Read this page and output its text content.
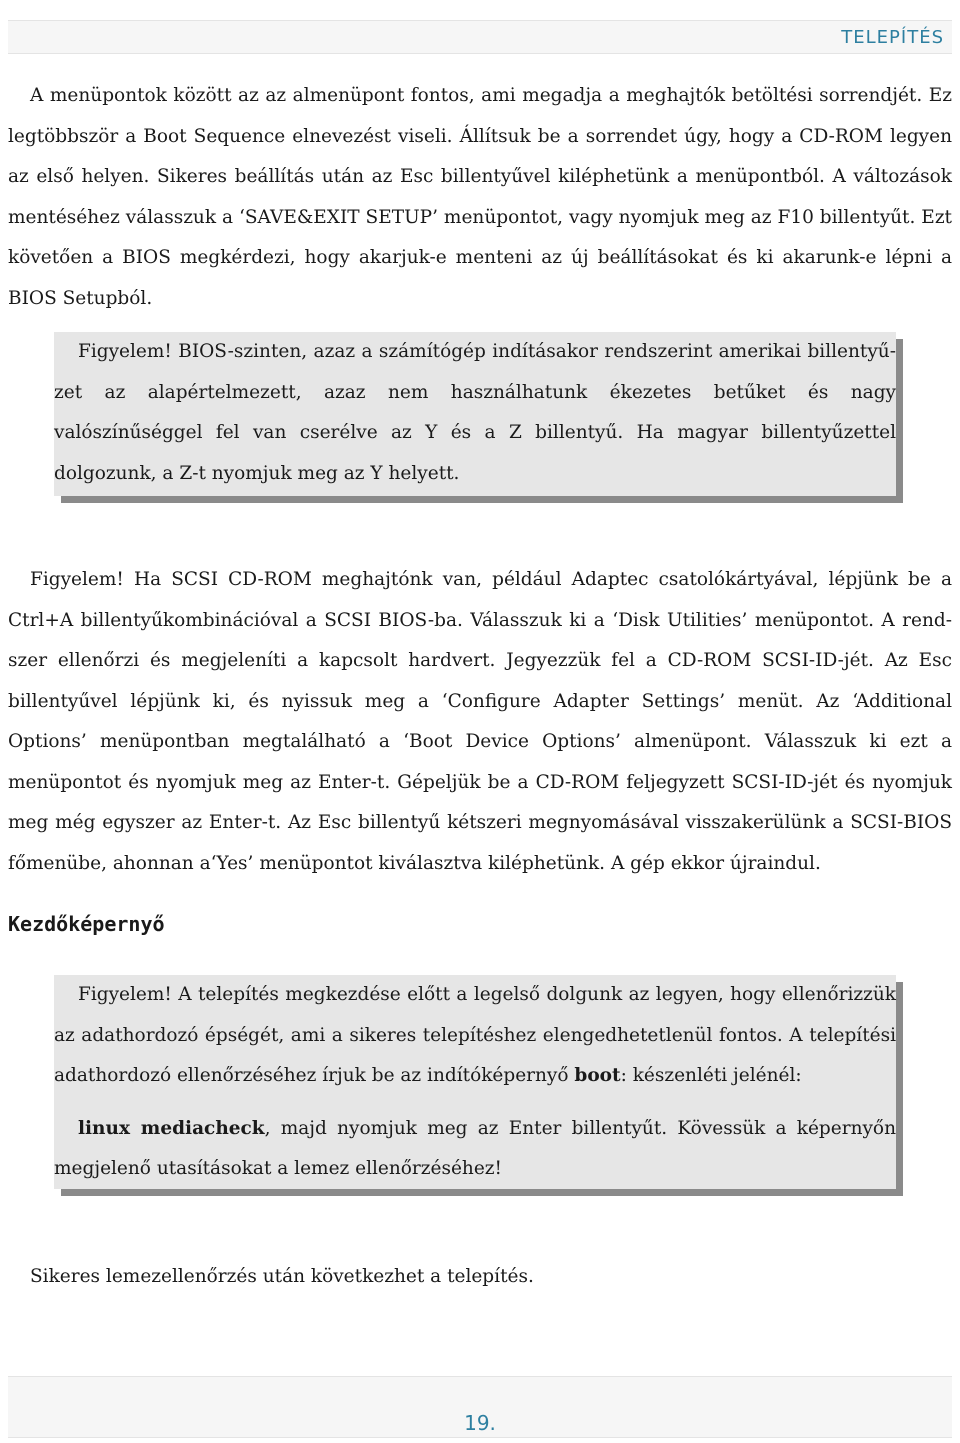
TELEPÍTÉS

A menüpontok között az az almenüpont fontos, ami megadja a meghajtók betöltési sorrendjét. Ez legtöbbször a Boot Sequence elnevezést viseli. Állítsuk be a sorrendet úgy, hogy a CD-ROM legyen az első helyen. Sikeres beállítás után az Esc billentyűvel kiléphetünk a menüpontból. A változások mentéséhez válasszuk a ‘SAVE&EXIT SETUP’ menüpontot, vagy nyomjuk meg az F10 billentyűt. Ezt követően a BIOS megkérdezi, hogy akarjuk-e menteni az új beállításokat és ki akarunk-e lépni a BIOS Setupból.

Figyelem! BIOS-szinten, azaz a számítógép indításakor rendszerint amerikai billentyűzet az alapértelmezett, azaz nem használhatunk ékezetes betűket és nagy valószínűséggel fel van cserélve az Y és a Z billentyű. Ha magyar billentyűzettel dolgozunk, a Z-t nyomjuk meg az Y helyett.

Figyelem! Ha SCSI CD-ROM meghajtónk van, például Adaptec csatolókártyával, lépjünk be a Ctrl+A billentyűkombinációval a SCSI BIOS-ba. Válasszuk ki a ‘Disk Utilities’ menüpontot. A rendszer ellenőrzi és megjeleníti a kapcsolt hardvert. Jegyezzük fel a CD-ROM SCSI-ID-jét. Az Esc billentyűvel lépjünk ki, és nyissuk meg a ‘Configure Adapter Settings’ menüt. Az ‘Additional Options’ menüpontban megtalálható a ‘Boot Device Options’ almenüpont. Válasszuk ki ezt a menüpontot és nyomjuk meg az Enter-t. Gépeljük be a CD-ROM feljegyzett SCSI-ID-jét és nyomjuk meg még egyszer az Enter-t. Az Esc billentyű kétszeri megnyomásával visszakerülünk a SCSI-BIOS főmenübe, ahonnan a‘Yes’ menüpontot kiválasztva kiléphetünk. A gép ekkor újraindul.

Kezdőképernyő

Figyelem! A telepítés megkezdése előtt a legelső dolgunk az legyen, hogy ellenőrizzük az adathordozó épségét, ami a sikeres telepítéshez elengedhetetlenül fontos. A telepítési adathordozó ellenőrzéséhez írjuk be az indítóképernyő boot: készenléti jelénél:

linux mediacheck, majd nyomjuk meg az Enter billentyűt. Kövessük a képernyőn megjelenő utasításokat a lemez ellenőrzéséhez!

Sikeres lemezellenőrzés után következhet a telepítés.

19.
